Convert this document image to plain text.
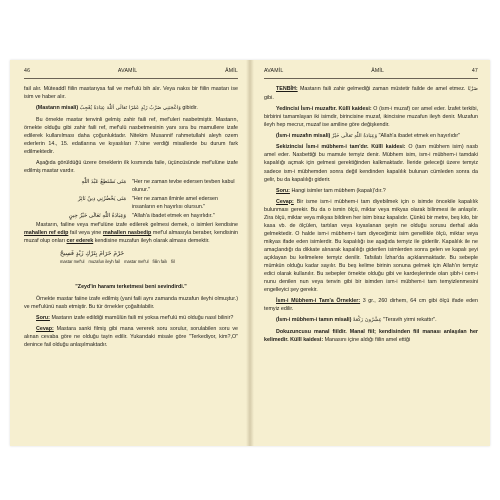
46	AVAMİL	ÂMİL

fail alır. Müteaddî fiilin mastarıysa fail ve mef'ulü bih alır. Veya nakıs bir fiilin mastarı ise isim ve haber alır.

(Mastarın misali) وَاعْجَبَنِي ضَرْبُ زَيْدٍ عَمْرًا تَعَالَى اَللّٰهَ عِبَادَةُ يُعْجِبُ gibidir.

Bu örnekte mastar tenvinli gelmiş zahir faili ref, mef'uleri nasbetmiştir. Mastarın, örnekte olduğu gibi zahir faili ref, mef'ulü nasbetmesinin yanı sıra bu mamullere izafe edilerek kullanılması daha çoğunluktadır. Nitekim Musannif rahmetullahi aleyh ozem ederlerin 14., 15. edatlarına ve kıyaslıları 7.'sine verdiği misallerde bu durum fark edilmektedir.

Aşağıda görüldüğü üzere örneklerin ilk kısmında faile, üçüncüsünde mef'ulüne izafe edilmiş mastar vardır.

مَتَى نَسْتَطِعُ عَبْدَ اللّٰهِ	"Her ne zaman tevbe edersen tevben kabul olunur."
مَتَى يَحْضُرُنِي دِينٌ نَائِرٌ	"Her ne zaman ilminle amel edersen insanların en hayırlısı olursun."
وَعِبَادَةُ اللّٰهِ تَعَالَى خَيْرُ حِينٍ	"Allah'a ibadet etmek en hayırlıdır."

Mastarın, failine veya mef'ulüne izafe edilerek gelmesi demek, o isimleri kendisine mahallen ref edip fail veya yine mahallen nasbedip mef'ul almasıyla beraber, kendisinin muzaf olup onları cer ederek kendisine muzafun ileyh olarak almasıı demektir.

حَرْمَ حَرَامَ بِتَرْكِ زَيْدٍ فَسِيحٌ
mastar mef'ul muzafun ileyh fail mastar mef'ul fiilin failı fiil

"Zeyd'in haramı terketmesi beni sevindirdi."

Örnekte mastar faiine izafe edilmiş (yani faili aynı zamanda muzafun ileyhi olmuştur.) ve mef'ulünü nasb etmiştir. Bu tür örnekler çoğaltılabilir.

Soru: Mastarın izafe edildiği mamûlün faili mi yoksa mef'ulü mü olduğu nasıl bilinir?

Cevap: Mastara sanki filmiş gibi mana vererek soru sorulur, sorulabilen soru ve alınan cevaba göre ne olduğu tayin edilir. Yukarıdaki misale göre "Terkediyor, kim?,O" denince fail olduğu anlaşılmaktadır.

AVAMİL	ÂMİL	47

TENBİH: Mastarın faili zahir gelmediği zaman müstetir failde de amel etmez. ضَرْبًا gibi.

Yedincisi İsm-i muzaftır. Küllî kaidesi: O (ism-i muzaf) cer amel eder. İzafet terkibi, birbirini tamamlayan iki isimdir, birincisine muzaf, ikincisine muzafun ileyh denir. Muzafun ileyh hep mecrur, muzaf ise amiline göre değişkendir.

(İsm-i muzafın misali) وَعِبَادَةُ اللّٰهِ تَعَالَى خَيْرٌ "Allah'a ibadet etmek en hayırlıdır"

Sekizincisi İsm-i mübhem-i tam'dır. Küllî kaidesi: O (tam mübhem isim) nasb amel eder. Nasbettiği bu mamule temyiz denir. Mübhem isim, ism-i mübhem-i tamdaki kapalılığı açmak için gelmesi gerektiğinden kalkmaktadır. İleride geleceği üzere temyiz sadece ism-i mübhemden sonra değil kendinden kapalılık bulunan cümleden sonra da gelir, bu da kapalılığı giderir.

Soru: Hangi isimler tam mübhem (kapalı)'dır.?

Cevap: Bir isme ism-i mübhem-i tam diyebilmek için o isimde öncekile kapalılık bulunması gerekir. Bu da o ismin ölçü, miktar veya mikyas olarak bilinmesi ile anlaşılır. Zira ölçü, miktar veya mikyas bildiren her isim biraz kapalıdır. Çünkü bir metre, beş kilo, bir kasa vb. de ölçülen, tartılan veya kıyaslanan şeyin ne olduğu sorusu derhal akla gelmektedir. O halde ism-i mübhem-i tam diyeceğimiz isim genellikle ölçü, miktar veya mikyas ifade eden isimlerdir. Bu kapalılığı ise aşağıda temyiz ile giderilir. Kapalılık ile ne amaçlandığı da dikkate alınarak kapalılığı giderilen isimlerden sonra gelen ve kapalı şeyi açıklayan bu kelimelere temyiz denilir. Tafsilatı İzhar'da açıklanmaktadır. Bu sebeple mümkün olduğu kadar sayılır. Bu beş kelime birinin sonuna gelmek için Allah'ın temyiz edici olarak kullanılır. Bu sebepler örnekte olduğu gibi ve kardeşlerinde olan şibh-i cem-i nunu denilen nun veya tenvin gibi bir isimden ism-i mübhem-i tam temyizlenmesini engelleyici şey gerekir.

İsm-i Mübhem-i Tam'a Örnekler: 3 gr., 260 dirhem, 64 cm gibi ölçü ifade eden temyiz edilir.

(İsm-i mübhem-i tamın misali) عِشْرُونَ رَكْعَةً "Teravih yirmi rekattır".

Dokuzuncusu manal fiildir. Manal fiil; kendisinden fiil manası anlaşılan her kelimedir. Küllî kaidesi: Manasını içine aldığı fiilin amel ettiği
